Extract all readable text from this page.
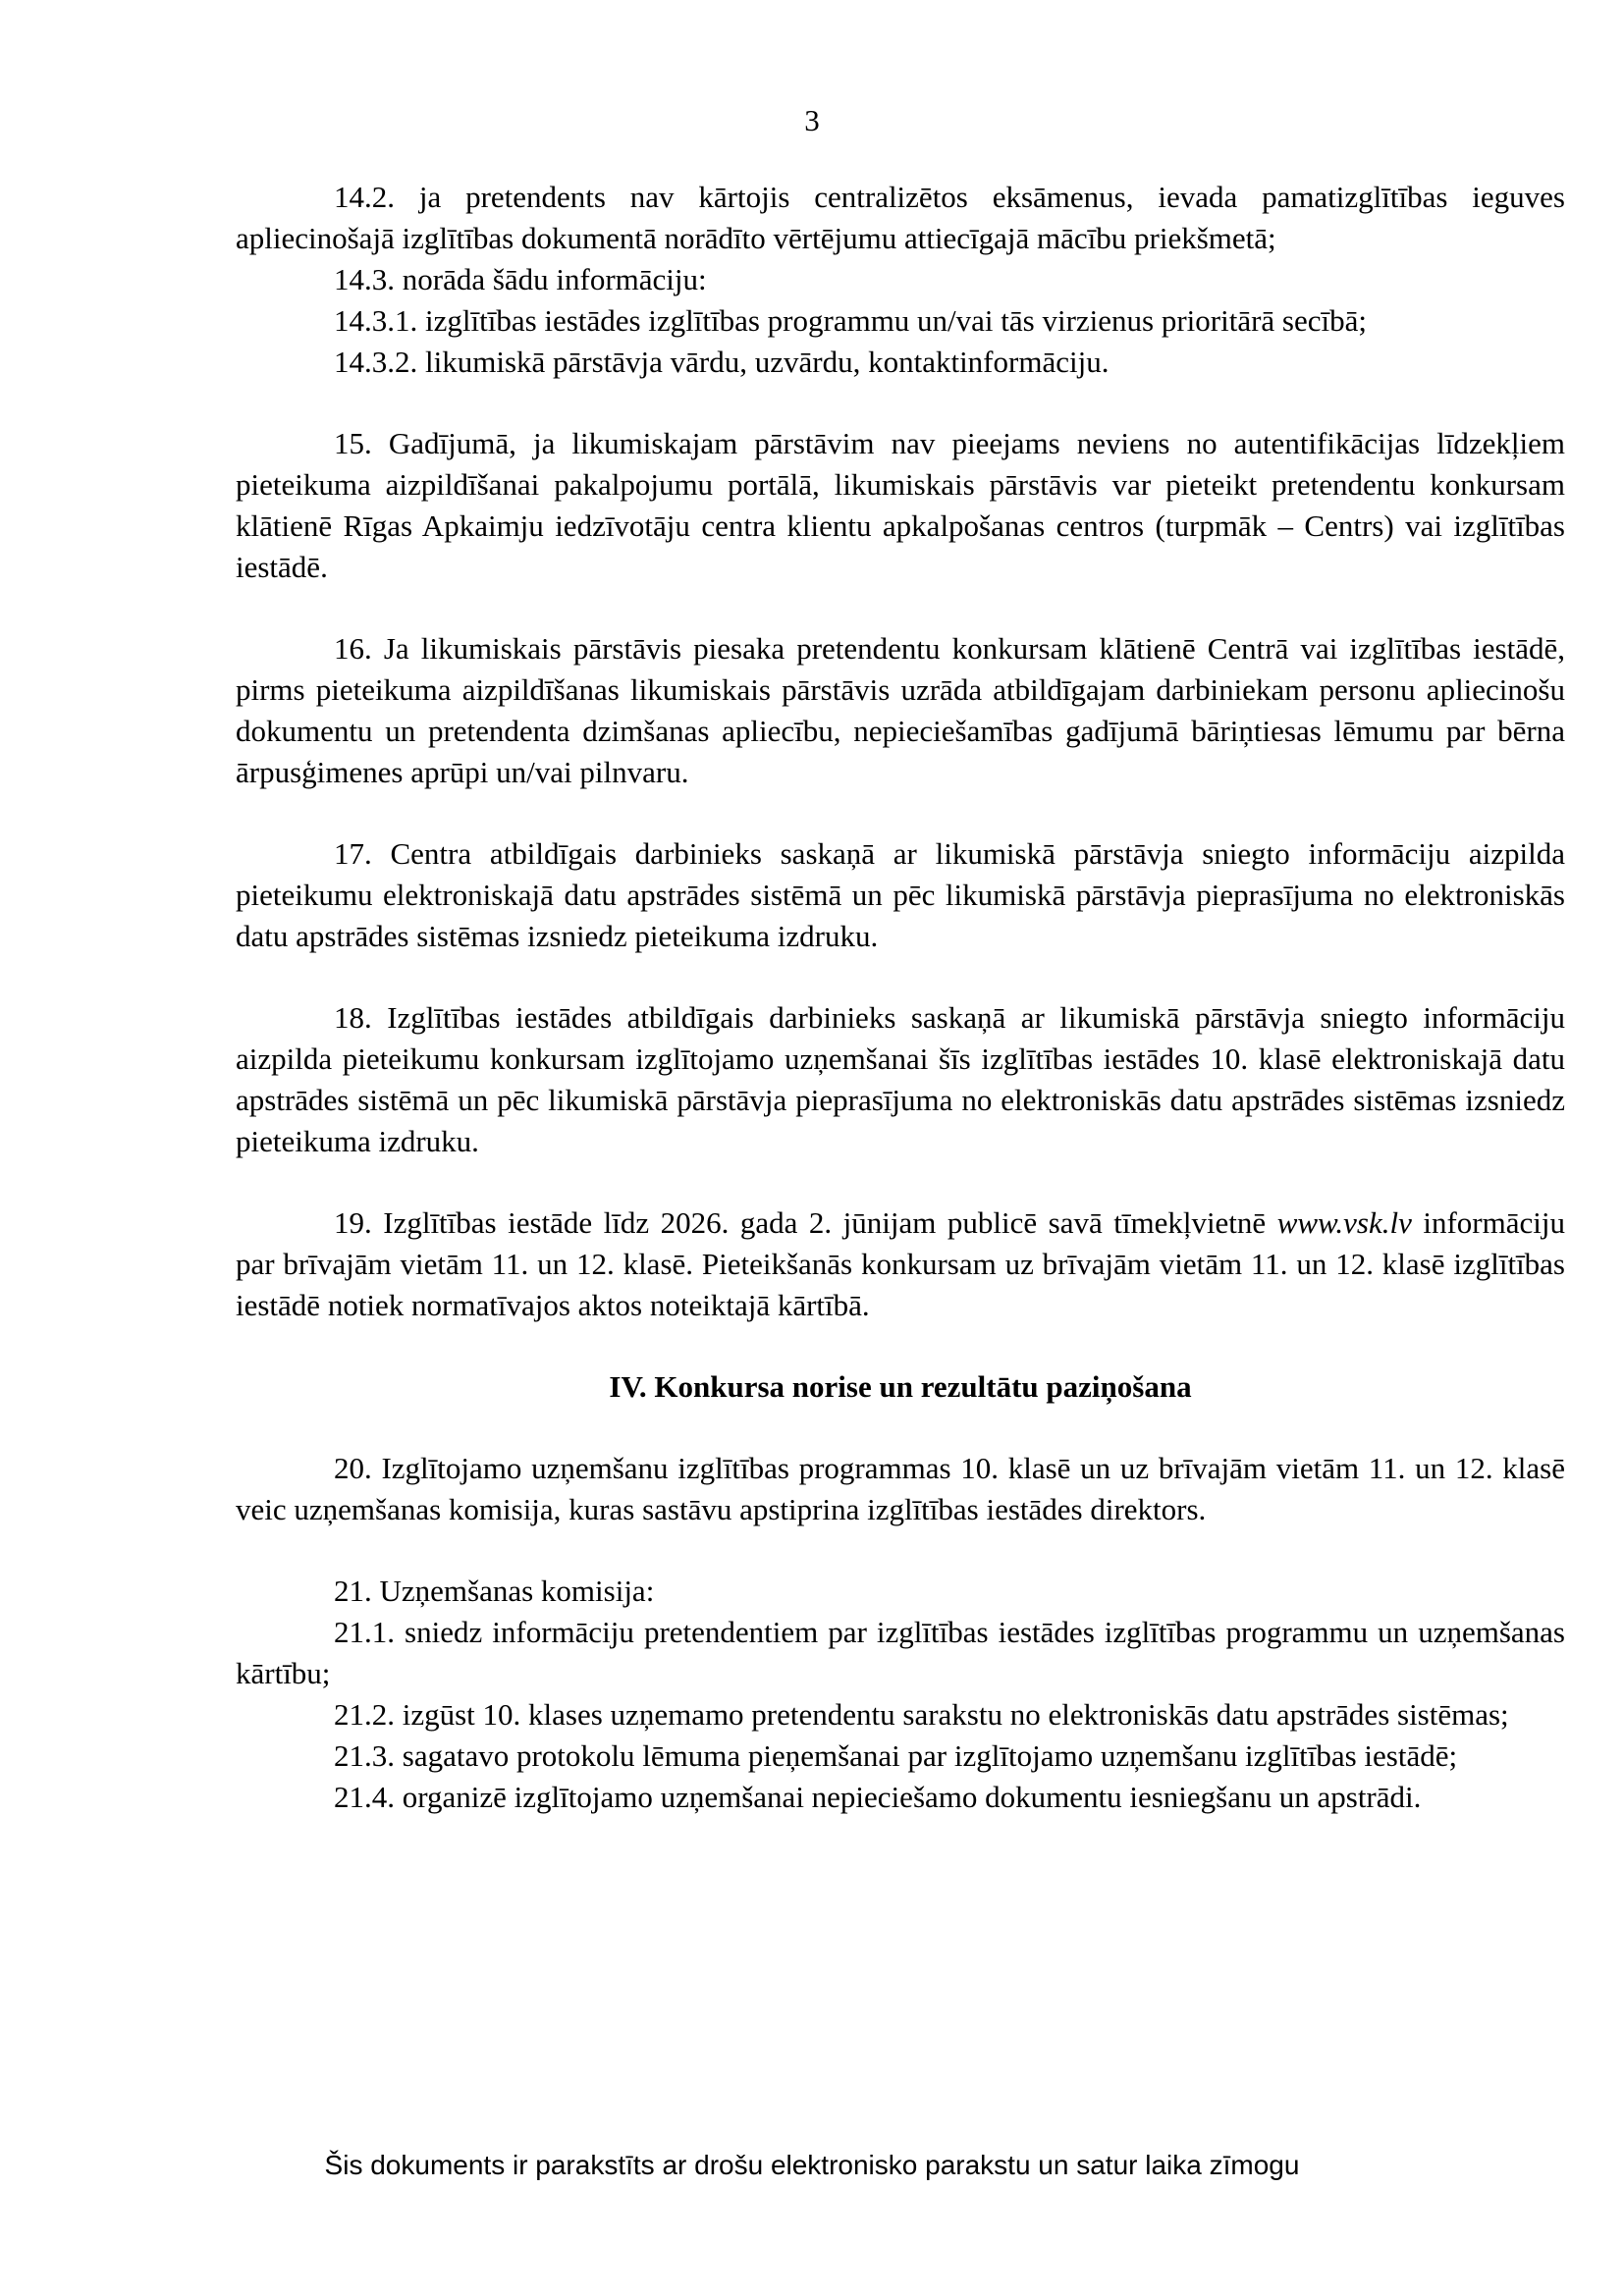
3

14.2. ja pretendents nav kārtojis centralizētos eksāmenus, ievada pamatizglītības ieguves apliecinošajā izglītības dokumentā norādīto vērtējumu attiecīgajā mācību priekšmetā;

14.3. norāda šādu informāciju:

14.3.1. izglītības iestādes izglītības programmu un/vai tās virzienus prioritārā secībā;

14.3.2. likumiskā pārstāvja vārdu, uzvārdu, kontaktinformāciju.

15. Gadījumā, ja likumiskajam pārstāvim nav pieejams neviens no autentifikācijas līdzekļiem pieteikuma aizpildīšanai pakalpojumu portālā, likumiskais pārstāvis var pieteikt pretendentu konkursam klātienē Rīgas Apkaimju iedzīvotāju centra klientu apkalpošanas centros (turpmāk – Centrs) vai izglītības iestādē.

16. Ja likumiskais pārstāvis piesaka pretendentu konkursam klātienē Centrā vai izglītības iestādē, pirms pieteikuma aizpildīšanas likumiskais pārstāvis uzrāda atbildīgajam darbiniekam personu apliecinošu dokumentu un pretendenta dzimšanas apliecību, nepieciešamības gadījumā bāriņtiesas lēmumu par bērna ārpusģimenes aprūpi un/vai pilnvaru.

17. Centra atbildīgais darbinieks saskaņā ar likumiskā pārstāvja sniegto informāciju aizpilda pieteikumu elektroniskajā datu apstrādes sistēmā un pēc likumiskā pārstāvja pieprasījuma no elektroniskās datu apstrādes sistēmas izsniedz pieteikuma izdruku.

18. Izglītības iestādes atbildīgais darbinieks saskaņā ar likumiskā pārstāvja sniegto informāciju aizpilda pieteikumu konkursam izglītojamo uzņemšanai šīs izglītības iestādes 10. klasē elektroniskajā datu apstrādes sistēmā un pēc likumiskā pārstāvja pieprasījuma no elektroniskās datu apstrādes sistēmas izsniedz pieteikuma izdruku.

19. Izglītības iestāde līdz 2026. gada 2. jūnijam publicē savā tīmekļvietnē www.vsk.lv informāciju par brīvajām vietām 11. un 12. klasē. Pieteikšanās konkursam uz brīvajām vietām 11. un 12. klasē izglītības iestādē notiek normatīvajos aktos noteiktajā kārtībā.

IV. Konkursa norise un rezultātu paziņošana

20. Izglītojamo uzņemšanu izglītības programmas 10. klasē un uz brīvajām vietām 11. un 12. klasē veic uzņemšanas komisija, kuras sastāvu apstiprina izglītības iestādes direktors.

21. Uzņemšanas komisija:

21.1. sniedz informāciju pretendentiem par izglītības iestādes izglītības programmu un uzņemšanas kārtību;

21.2. izgūst 10. klases uzņemamo pretendentu sarakstu no elektroniskās datu apstrādes sistēmas;

21.3. sagatavo protokolu lēmuma pieņemšanai par izglītojamo uzņemšanu izglītības iestādē;

21.4. organizē izglītojamo uzņemšanai nepieciešamo dokumentu iesniegšanu un apstrādi.

Šis dokuments ir parakstīts ar drošu elektronisko parakstu un satur laika zīmogu
